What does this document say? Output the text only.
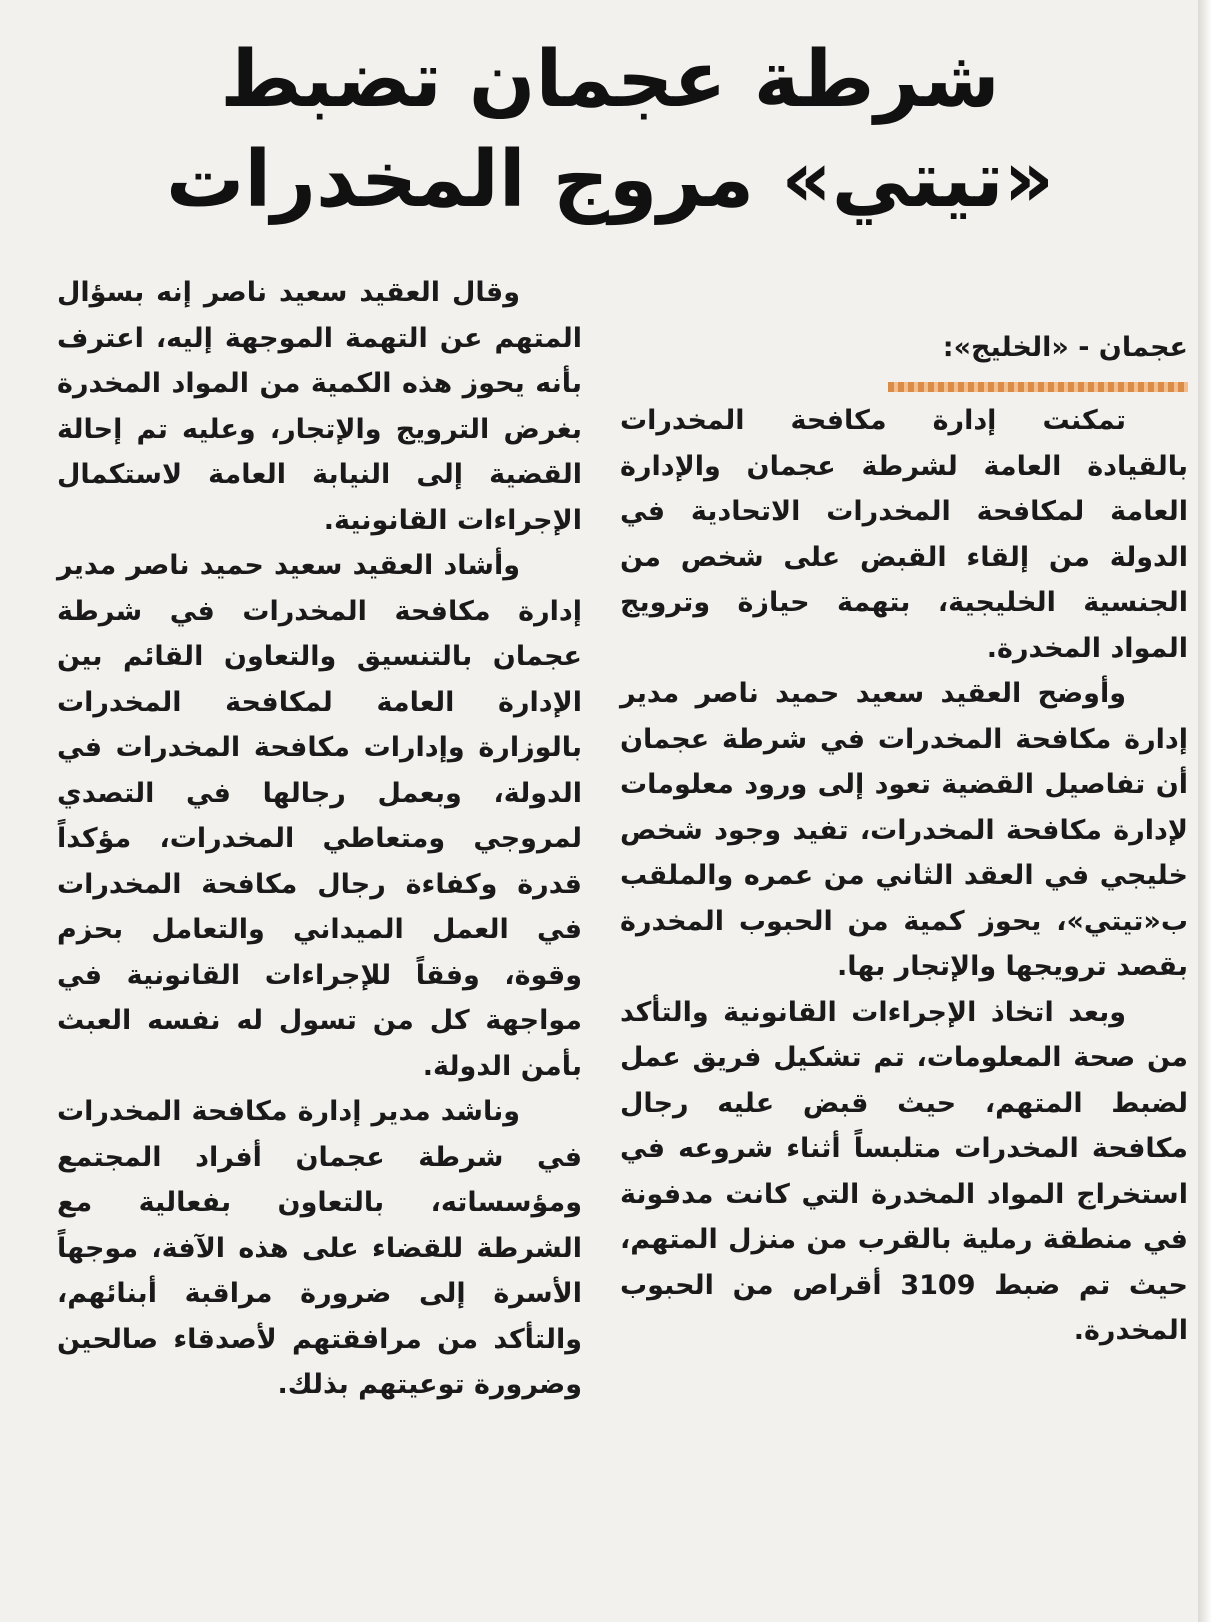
شرطة عجمان تضبط
«تيتي» مروج المخدرات
عجمان - «الخليج»:

تمكنت إدارة مكافحة المخدرات بالقيادة العامة لشرطة عجمان والإدارة العامة لمكافحة المخدرات الاتحادية في الدولة من إلقاء القبض على شخص من الجنسية الخليجية، بتهمة حيازة وترويج المواد المخدرة.

وأوضح العقيد سعيد حميد ناصر مدير إدارة مكافحة المخدرات في شرطة عجمان أن تفاصيل القضية تعود إلى ورود معلومات لإدارة مكافحة المخدرات، تفيد وجود شخص خليجي في العقد الثاني من عمره والملقب ب«تيتي»، يحوز كمية من الحبوب المخدرة بقصد ترويجها والإتجار بها.

وبعد اتخاذ الإجراءات القانونية والتأكد من صحة المعلومات، تم تشكيل فريق عمل لضبط المتهم، حيث قبض عليه رجال مكافحة المخدرات متلبساً أثناء شروعه في استخراج المواد المخدرة التي كانت مدفونة في منطقة رملية بالقرب من منزل المتهم، حيث تم ضبط 3109 أقراص من الحبوب المخدرة.

وقال العقيد سعيد ناصر إنه بسؤال المتهم عن التهمة الموجهة إليه، اعترف بأنه يحوز هذه الكمية من المواد المخدرة بغرض الترويج والإتجار، وعليه تم إحالة القضية إلى النيابة العامة لاستكمال الإجراءات القانونية.

وأشاد العقيد سعيد حميد ناصر مدير إدارة مكافحة المخدرات في شرطة عجمان بالتنسيق والتعاون القائم بين الإدارة العامة لمكافحة المخدرات بالوزارة وإدارات مكافحة المخدرات في الدولة، وبعمل رجالها في التصدي لمروجي ومتعاطي المخدرات، مؤكداً قدرة وكفاءة رجال مكافحة المخدرات في العمل الميداني والتعامل بحزم وقوة، وفقاً للإجراءات القانونية في مواجهة كل من تسول له نفسه العبث بأمن الدولة.

وناشد مدير إدارة مكافحة المخدرات في شرطة عجمان أفراد المجتمع ومؤسساته، بالتعاون بفعالية مع الشرطة للقضاء على هذه الآفة، موجهاً الأسرة إلى ضرورة مراقبة أبنائهم، والتأكد من مرافقتهم لأصدقاء صالحين وضرورة توعيتهم بذلك.
